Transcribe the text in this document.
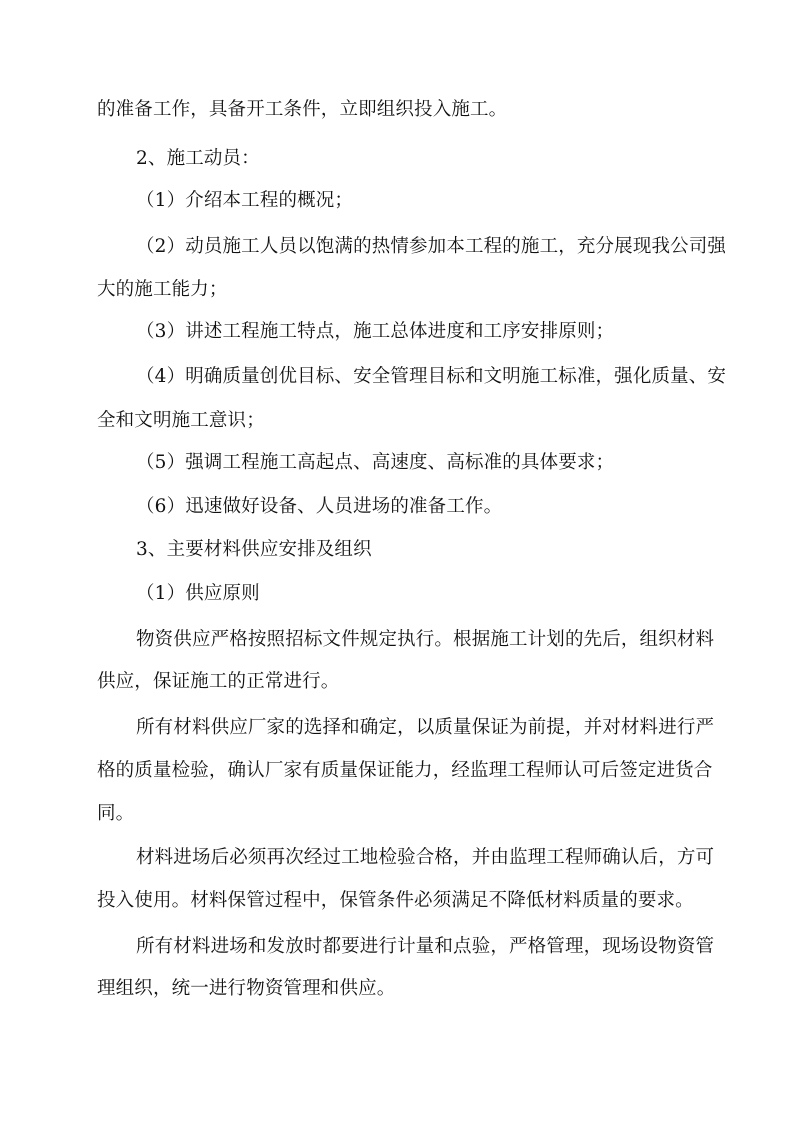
的准备工作，具备开工条件，立即组织投入施工。
2、施工动员：
（1）介绍本工程的概况；
（2）动员施工人员以饱满的热情参加本工程的施工，充分展现我公司强
大的施工能力；
（3）讲述工程施工特点，施工总体进度和工序安排原则；
（4）明确质量创优目标、安全管理目标和文明施工标准，强化质量、安
全和文明施工意识；
（5）强调工程施工高起点、高速度、高标准的具体要求；
（6）迅速做好设备、人员进场的准备工作。
3、主要材料供应安排及组织
（1）供应原则
物资供应严格按照招标文件规定执行。根据施工计划的先后，组织材料
供应，保证施工的正常进行。
所有材料供应厂家的选择和确定，以质量保证为前提，并对材料进行严
格的质量检验，确认厂家有质量保证能力，经监理工程师认可后签定进货合
同。
材料进场后必须再次经过工地检验合格，并由监理工程师确认后，方可
投入使用。材料保管过程中，保管条件必须满足不降低材料质量的要求。
所有材料进场和发放时都要进行计量和点验，严格管理，现场设物资管
理组织，统一进行物资管理和供应。
